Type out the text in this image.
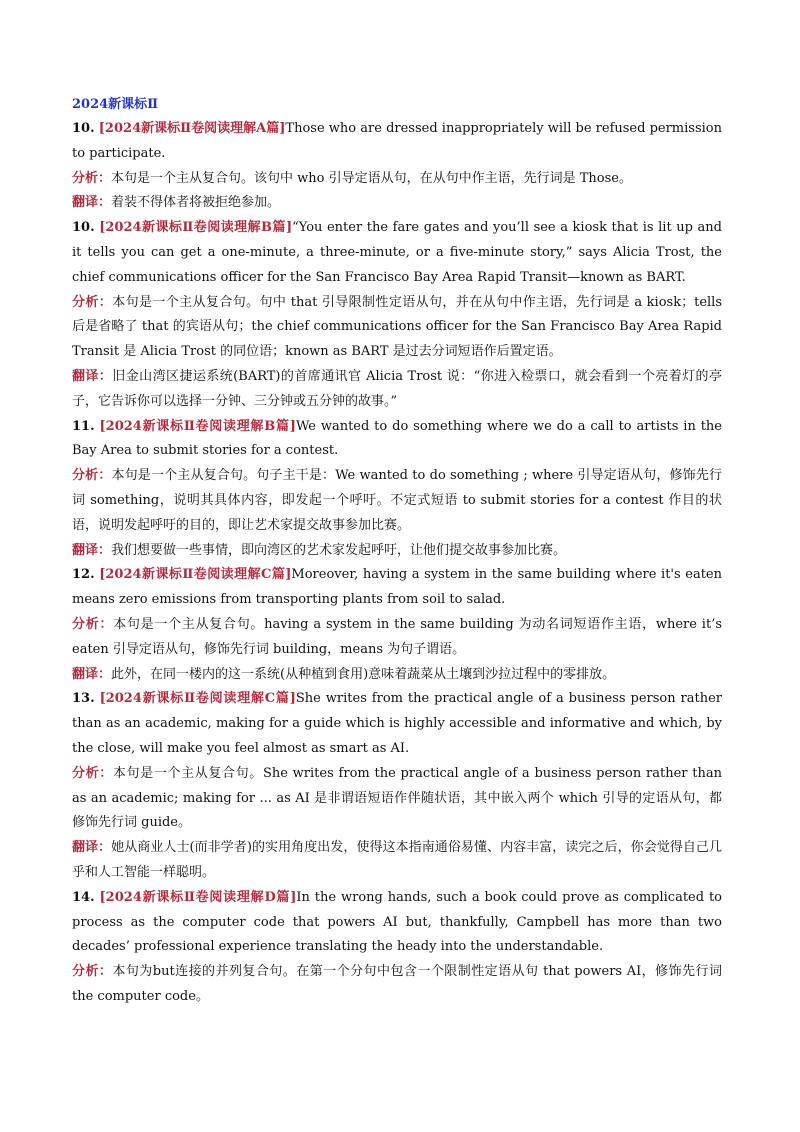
2024新课标Ⅱ

10. [2024新课标Ⅱ卷阅读理解A篇]Those who are dressed inappropriately will be refused permission to participate.

分析：本句是一个主从复合句。该句中 who 引导定语从句，在从句中作主语，先行词是 Those。

翻译：着装不得体者将被拒绝参加。

10. [2024新课标Ⅱ卷阅读理解B篇]“You enter the fare gates and you’ll see a kiosk that is lit up and it tells you can get a one-minute, a three-minute, or a five-minute story,” says Alicia Trost, the chief communications officer for the San Francisco Bay Area Rapid Transit—known as BART.

分析：本句是一个主从复合句。句中 that 引导限制性定语从句，并在从句中作主语，先行词是 a kiosk；tells 后是省略了 that 的宾语从句；the chief communications officer for the San Francisco Bay Area Rapid Transit 是 Alicia Trost 的同位语；known as BART 是过去分词短语作后置定语。

翻译：旧金山湾区捷运系统(BART)的首席通讯官 Alicia Trost 说：“你进入检票口，就会看到一个亮着灯的亭子，它告诉你可以选择一分钟、三分钟或五分钟的故事。”

11. [2024新课标Ⅱ卷阅读理解B篇]We wanted to do something where we do a call to artists in the Bay Area to submit stories for a contest.

分析：本句是一个主从复合句。句子主干是：We wanted to do something ; where 引导定语从句，修饰先行词 something，说明其具体内容，即发起一个呼吁。不定式短语 to submit stories for a contest 作目的状语，说明发起呼吁的目的，即让艺术家提交故事参加比赛。

翻译：我们想要做一些事情，即向湾区的艺术家发起呼吁，让他们提交故事参加比赛。

12. [2024新课标Ⅱ卷阅读理解C篇]Moreover, having a system in the same building where it's eaten means zero emissions from transporting plants from soil to salad.

分析：本句是一个主从复合句。having a system in the same building 为动名词短语作主语，where it’s eaten 引导定语从句，修饰先行词 building，means 为句子谓语。

翻译：此外，在同一楼内的这一系统(从种植到食用)意味着蔬菜从土壤到沙拉过程中的零排放。

13. [2024新课标Ⅱ卷阅读理解C篇]She writes from the practical angle of a business person rather than as an academic, making for a guide which is highly accessible and informative and which, by the close, will make you feel almost as smart as AI.

分析：本句是一个主从复合句。She writes from the practical angle of a business person rather than as an academic; making for ... as AI 是非谓语短语作伴随状语，其中嵌入两个 which 引导的定语从句，都修饰先行词 guide。

翻译：她从商业人士(而非学者)的实用角度出发，使得这本指南通俗易懂、内容丰富，读完之后，你会觉得自己几乎和人工智能一样聪明。

14. [2024新课标Ⅱ卷阅读理解D篇]In the wrong hands, such a book could prove as complicated to process as the computer code that powers AI but, thankfully, Campbell has more than two decades’ professional experience translating the heady into the understandable.

分析：本句为but连接的并列复合句。在第一个分句中包含一个限制性定语从句 that powers AI，修饰先行词 the computer code。
